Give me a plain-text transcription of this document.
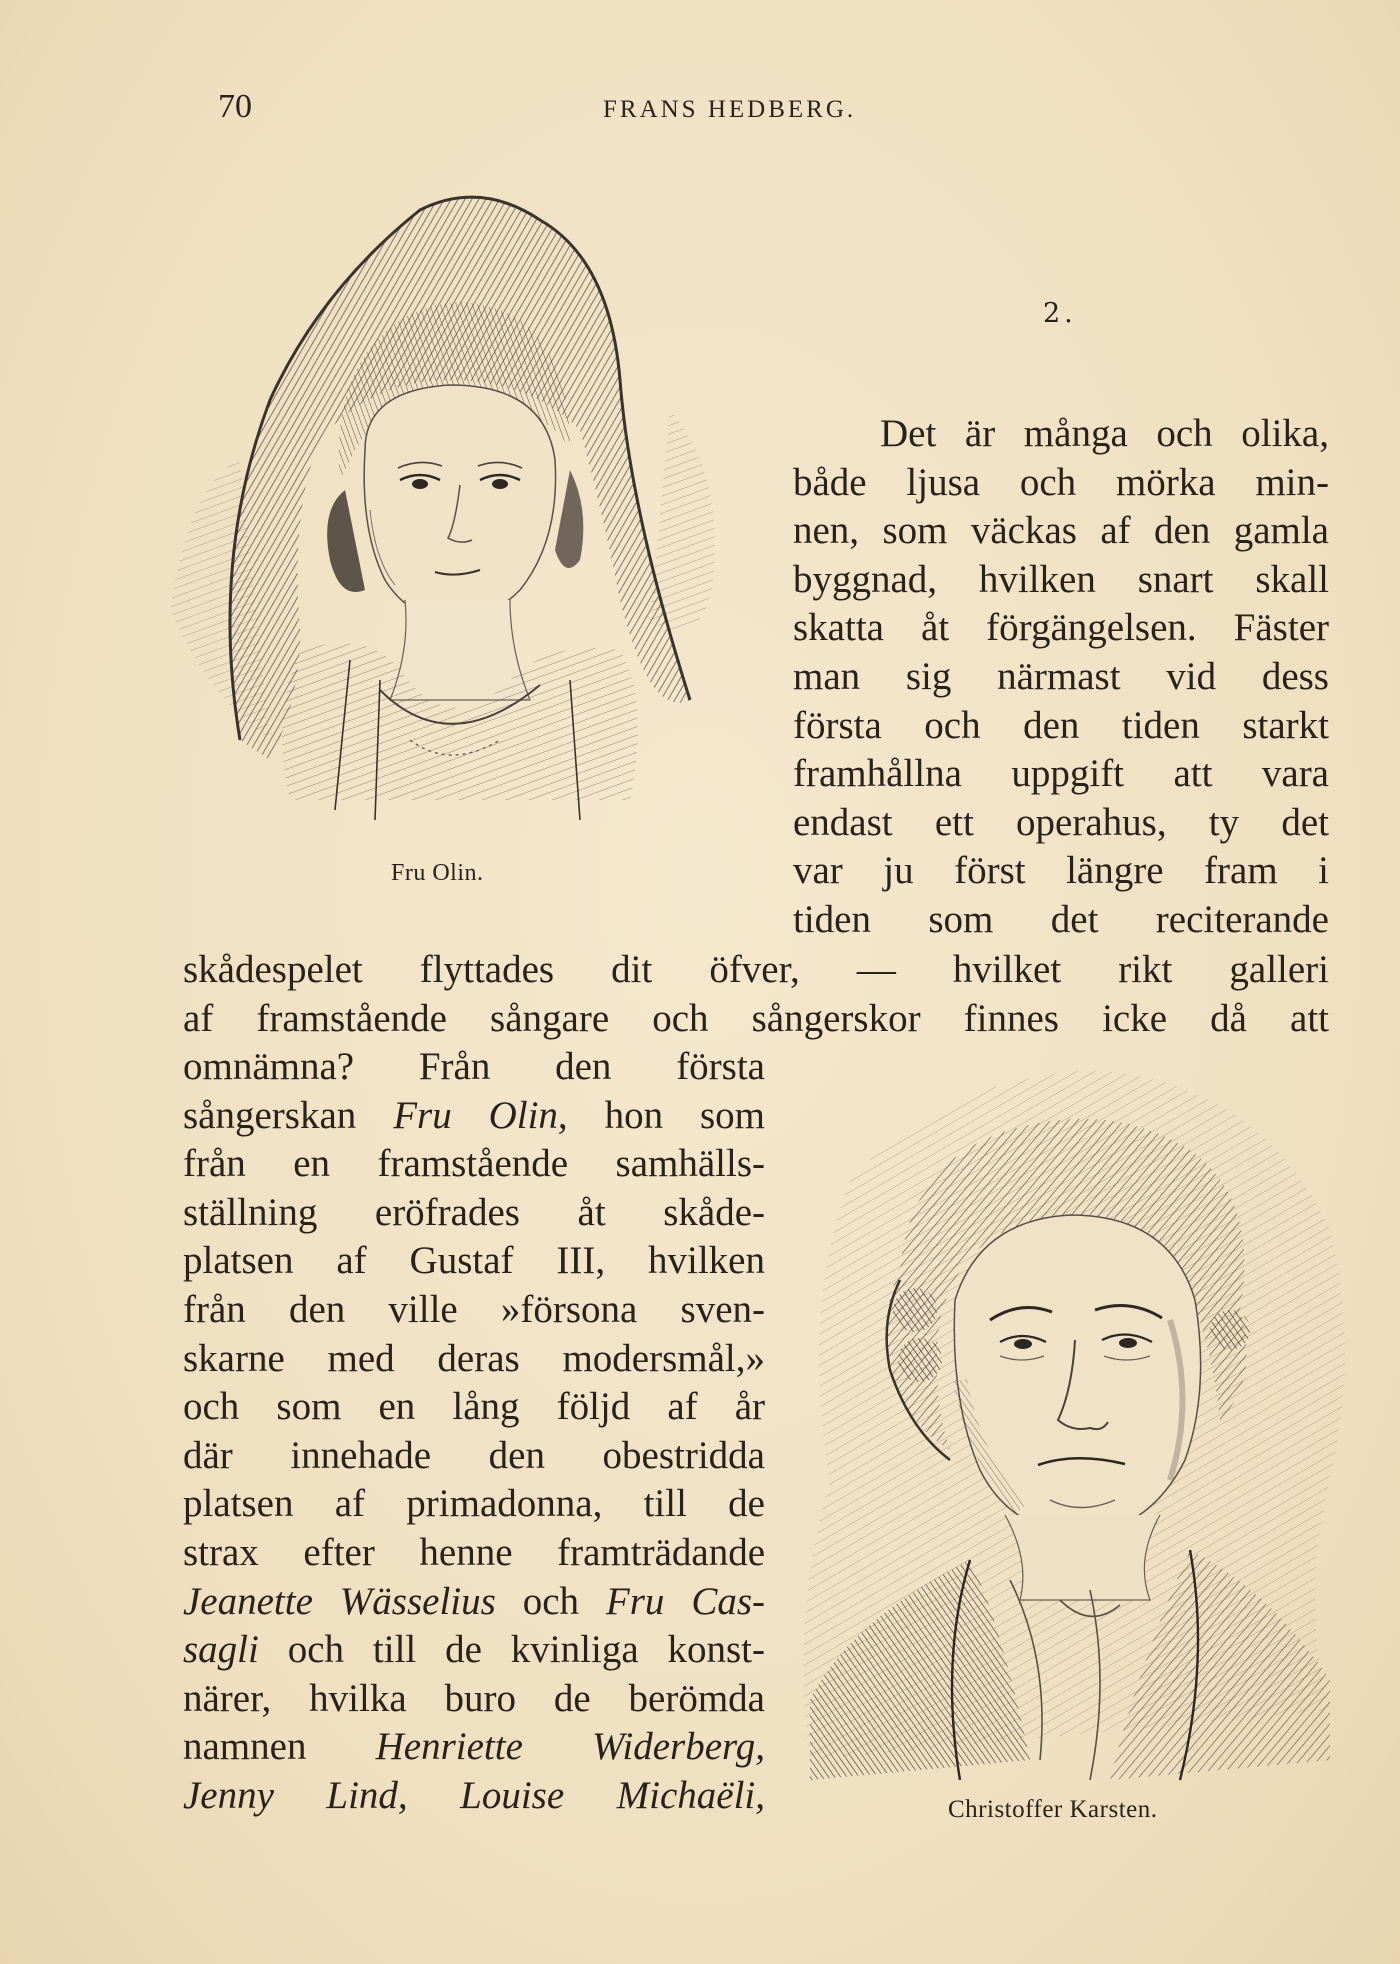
70	FRANS HEDBERG.
Fru Olin.
2.
Det är många och olika,
både ljusa och mörka min-
nen, som väckas af den gamla
byggnad, hvilken snart skall
skatta åt förgängelsen. Fäster
man sig närmast vid dess
första och den tiden starkt
framhållna uppgift att vara
endast ett operahus, ty det
var ju först längre fram i
tiden som det reciterande
skådespelet flyttades dit öfver, — hvilket rikt galleri
af framstående sångare och sångerskor finnes icke då att
omnämna? Från den första
sångerskan Fru Olin, hon som
från en framstående samhälls-
ställning eröfrades åt skåde-
platsen af Gustaf III, hvilken
från den ville »försona sven-
skarne med deras modersmål,»
och som en lång följd af år
där innehade den obestridda
platsen af primadonna, till de
strax efter henne framträdande
Jeanette Wässelius och Fru Cas-
sagli och till de kvinliga konst-
närer, hvilka buro de berömda
namnen Henriette Widerberg,
Jenny Lind, Louise Michaëli,	Christoffer Karsten.
